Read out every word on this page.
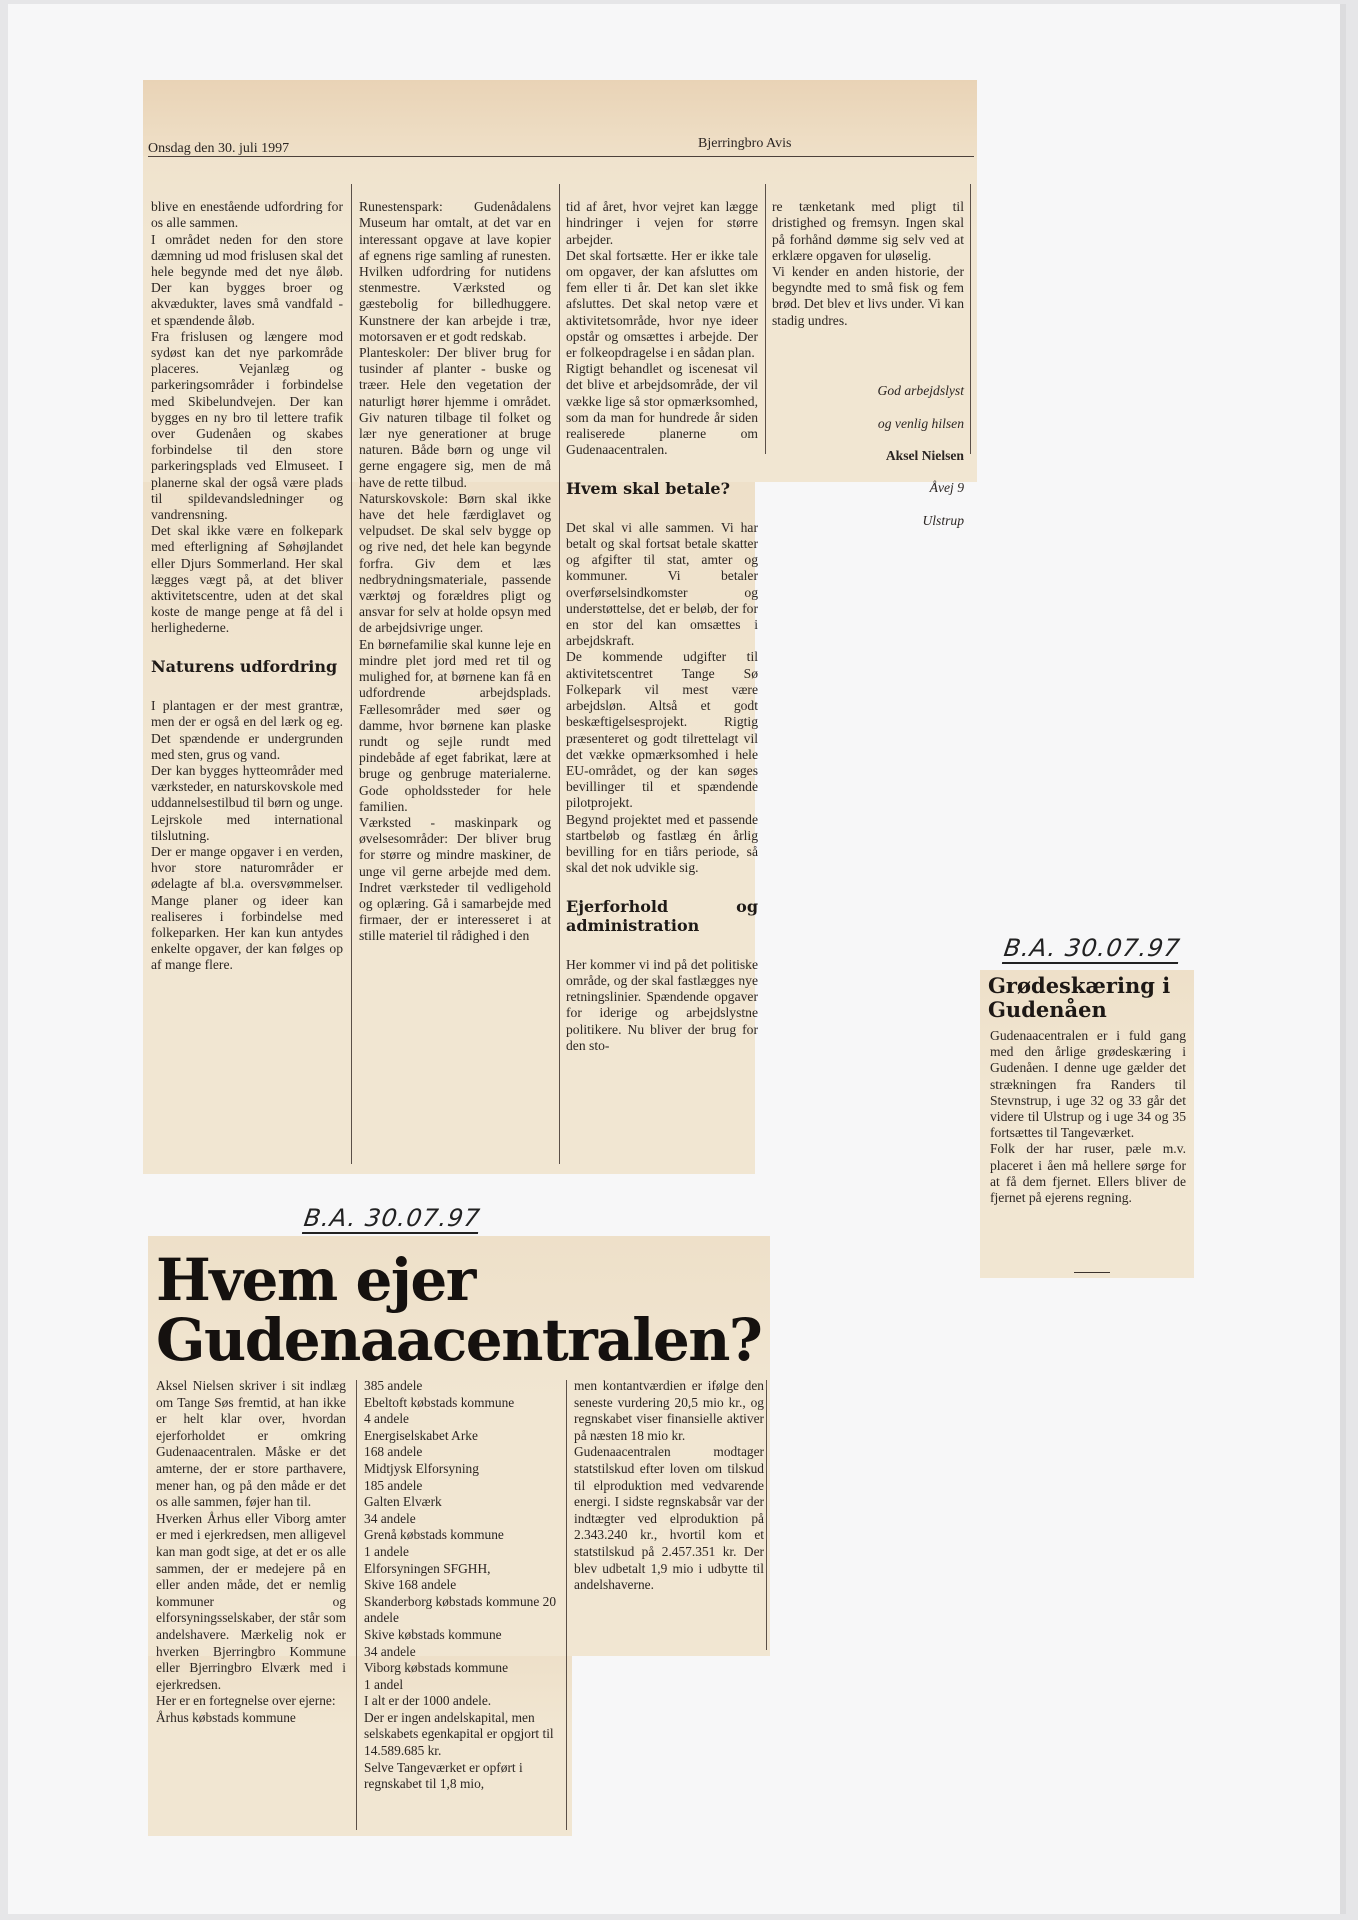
Onsdag den 30. juli 1997	Bjerringbro Avis

blive en enestående udfordring for os alle sammen.
I området neden for den store dæmning ud mod frislusen skal det hele begynde med det nye åløb. Der kan bygges broer og akvædukter, laves små vandfald - et spændende åløb.
Fra frislusen og længere mod sydøst kan det nye parkområde placeres. Vejanlæg og parkeringsområder i forbindelse med Skibelundvejen. Der kan bygges en ny bro til lettere trafik over Gudenåen og skabes forbindelse til den store parkeringsplads ved Elmuseet. I planerne skal der også være plads til spildevandsledninger og vandrensning.
Det skal ikke være en folkepark med efterligning af Søhøjlandet eller Djurs Sommerland. Her skal lægges vægt på, at det bliver aktivitetscentre, uden at det skal koste de mange penge at få del i herlighederne.

Naturens udfordring

I plantagen er der mest grantræ, men der er også en del lærk og eg. Det spændende er undergrunden med sten, grus og vand.
Der kan bygges hytteområder med værksteder, en naturskovskole med uddannelsestilbud til børn og unge. Lejrskole med international tilslutning.
Der er mange opgaver i en verden, hvor store naturområder er ødelagte af bl.a. oversvømmelser. Mange planer og ideer kan realiseres i forbindelse med folkeparken. Her kan kun antydes enkelte opgaver, der kan følges op af mange flere.

Runestenspark: Gudenådalens Museum har omtalt, at det var en interessant opgave at lave kopier af egnens rige samling af runesten. Hvilken udfordring for nutidens stenmestre. Værksted og gæstebolig for billedhuggere. Kunstnere der kan arbejde i træ, motorsaven er et godt redskab.
Planteskoler: Der bliver brug for tusinder af planter - buske og træer. Hele den vegetation der naturligt hører hjemme i området. Giv naturen tilbage til folket og lær nye generationer at bruge naturen. Både børn og unge vil gerne engagere sig, men de må have de rette tilbud.
Naturskovskole: Børn skal ikke have det hele færdiglavet og velpudset. De skal selv bygge op og rive ned, det hele kan begynde forfra. Giv dem et læs nedbrydningsmateriale, passende værktøj og forældres pligt og ansvar for selv at holde opsyn med de arbejdsivrige unger.
En børnefamilie skal kunne leje en mindre plet jord med ret til og mulighed for, at børnene kan få en udfordrende arbejdsplads. Fællesområder med søer og damme, hvor børnene kan plaske rundt og sejle rundt med pindebåde af eget fabrikat, lære at bruge og genbruge materialerne. Gode opholdssteder for hele familien.
Værksted - maskinpark og øvelsesområder: Der bliver brug for større og mindre maskiner, de unge vil gerne arbejde med dem. Indret værksteder til vedligehold og oplæring. Gå i samarbejde med firmaer, der er interesseret i at stille materiel til rådighed i den

tid af året, hvor vejret kan lægge hindringer i vejen for større arbejder.
Det skal fortsætte. Her er ikke tale om opgaver, der kan afsluttes om fem eller ti år. Det kan slet ikke afsluttes. Det skal netop være et aktivitetsområde, hvor nye ideer opstår og omsættes i arbejde. Der er folkeopdragelse i en sådan plan.
Rigtigt behandlet og iscenesat vil det blive et arbejdsområde, der vil vække lige så stor opmærksomhed, som da man for hundrede år siden realiserede planerne om Gudenaacentralen.

Hvem skal betale?

Det skal vi alle sammen. Vi har betalt og skal fortsat betale skatter og afgifter til stat, amter og kommuner. Vi betaler overførselsindkomster og understøttelse, det er beløb, der for en stor del kan omsættes i arbejdskraft.
De kommende udgifter til aktivitetscentret Tange Sø Folkepark vil mest være arbejdsløn. Altså et godt beskæftigelsesprojekt. Rigtig præsenteret og godt tilrettelagt vil det vække opmærksomhed i hele EU-området, og der kan søges bevillinger til et spændende pilotprojekt.
Begynd projektet med et passende startbeløb og fastlæg én årlig bevilling for en tiårs periode, så skal det nok udvikle sig.

Ejerforhold og administration

Her kommer vi ind på det politiske område, og der skal fastlægges nye retningslinier. Spændende opgaver for iderige og arbejdslystne politikere. Nu bliver der brug for den sto-

re tænketank med pligt til dristighed og fremsyn. Ingen skal på forhånd dømme sig selv ved at erklære opgaven for uløselig.
Vi kender en anden historie, der begyndte med to små fisk og fem brød. Det blev et livs under. Vi kan stadig undres.

God arbejdslyst

og venlig hilsen

Aksel Nielsen

Åvej 9

Ulstrup

B.A. 30.07.97
Grødeskæring i Gudenåen
Gudenaacentralen er i fuld gang med den årlige grødeskæring i Gudenåen. I denne uge gælder det strækningen fra Randers til Stevnstrup, i uge 32 og 33 går det videre til Ulstrup og i uge 34 og 35 fortsættes til Tangeværket.
Folk der har ruser, pæle m.v. placeret i åen må hellere sørge for at få dem fjernet. Ellers bliver de fjernet på ejerens regning.
B.A. 30.07.97
Hvem ejer Gudenaacentralen?
Aksel Nielsen skriver i sit indlæg om Tange Søs fremtid, at han ikke er helt klar over, hvordan ejerforholdet er omkring Gudenaacentralen. Måske er det amterne, der er store parthavere, mener han, og på den måde er det os alle sammen, føjer han til.
Hverken Århus eller Viborg amter er med i ejerkredsen, men alligevel kan man godt sige, at det er os alle sammen, der er medejere på en eller anden måde, det er nemlig kommuner og elforsyningsselskaber, der står som andelshavere. Mærkelig nok er hverken Bjerringbro Kommune eller Bjerringbro Elværk med i ejerkredsen.
Her er en fortegnelse over ejerne:
Århus købstads kommune
385 andele
Ebeltoft købstads kommune
4 andele
Energiselskabet Arke
168 andele
Midtjysk Elforsyning
185 andele
Galten Elværk
34 andele
Grenå købstads kommune
1 andele
Elforsyningen SFGHH,
Skive 168 andele
Skanderborg købstads kommune 20 andele
Skive købstads kommune
34 andele
Viborg købstads kommune
1 andel
I alt er der 1000 andele.
Der er ingen andelskapital, men selskabets egenkapital er opgjort til 14.589.685 kr.
Selve Tangeværket er opført i regnskabet til 1,8 mio,
men kontantværdien er ifølge den seneste vurdering 20,5 mio kr., og regnskabet viser finansielle aktiver på næsten 18 mio kr.
Gudenaacentralen modtager statstilskud efter loven om tilskud til elproduktion med vedvarende energi. I sidste regnskabsår var der indtægter ved elproduktion på 2.343.240 kr., hvortil kom et statstilskud på 2.457.351 kr. Der blev udbetalt 1,9 mio i udbytte til andelshaverne.
